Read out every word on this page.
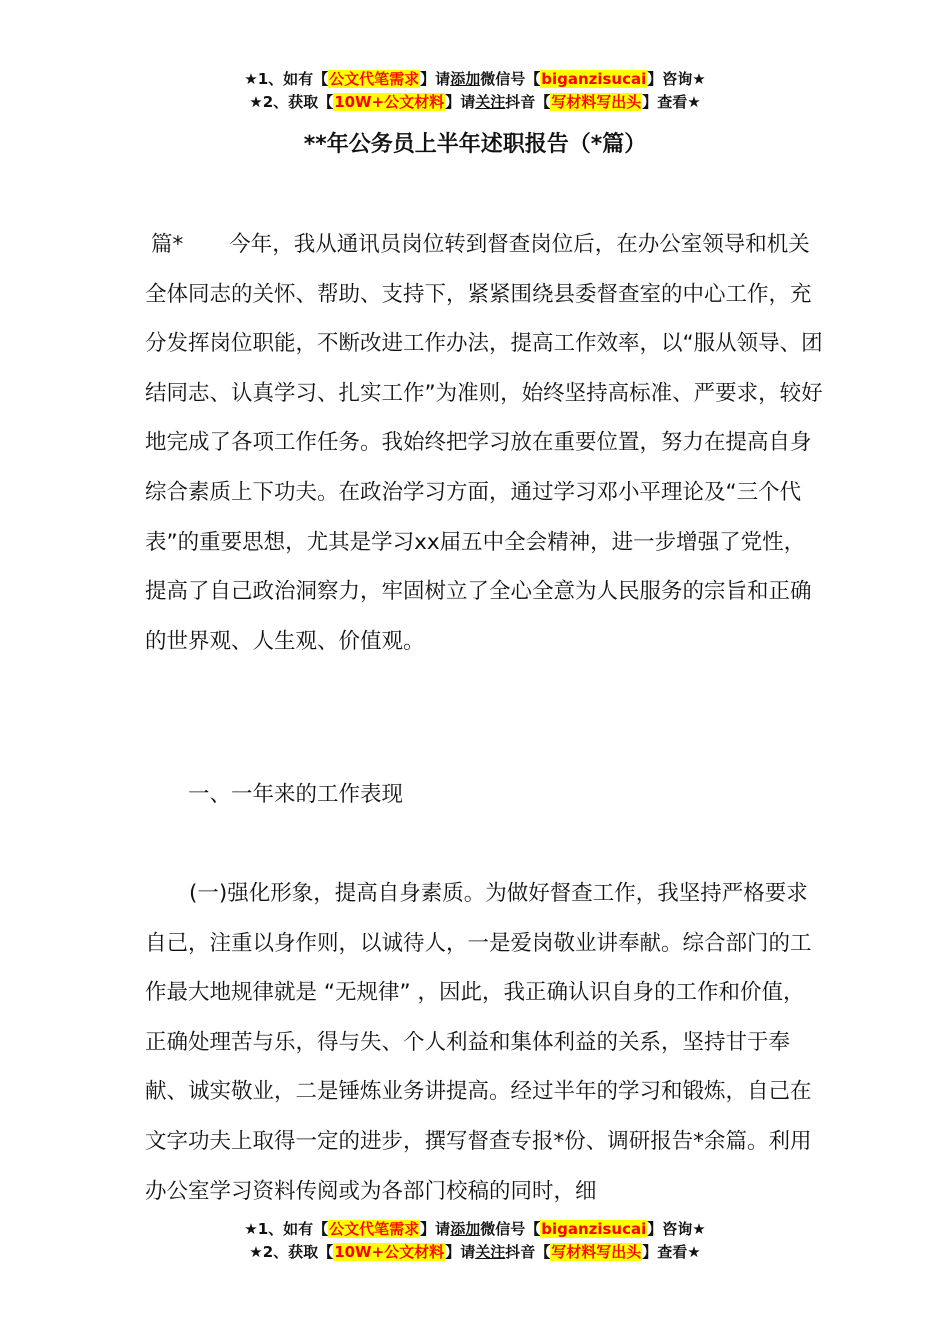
★1、如有【公文代笔需求】请添加微信号【biganzisucai】咨询★
★2、获取【10W+公文材料】请关注抖音【写材料写出头】查看★
**年公务员上半年述职报告（*篇）

篇* 今年，我从通讯员岗位转到督查岗位后，在办公室领导和机关全体同志的关怀、帮助、支持下，紧紧围绕县委督查室的中心工作，充分发挥岗位职能，不断改进工作办法，提高工作效率，以“服从领导、团结同志、认真学习、扎实工作”为准则，始终坚持高标准、严要求，较好地完成了各项工作任务。我始终把学习放在重要位置，努力在提高自身综合素质上下功夫。在政治学习方面，通过学习邓小平理论及“三个代表”的重要思想，尤其是学习xx届五中全会精神，进一步增强了党性，提高了自己政治洞察力，牢固树立了全心全意为人民服务的宗旨和正确的世界观、人生观、价值观。

一、一年来的工作表现

(一)强化形象，提高自身素质。为做好督查工作，我坚持严格要求自己，注重以身作则，以诚待人，一是爱岗敬业讲奉献。综合部门的工作最大地规律就是 “无规律” ，因此，我正确认识自身的工作和价值，正确处理苦与乐，得与失、个人利益和集体利益的关系，坚持甘于奉献、诚实敬业，二是锤炼业务讲提高。经过半年的学习和锻炼，自己在文字功夫上取得一定的进步，撰写督查专报*份、调研报告*余篇。利用办公室学习资料传阅或为各部门校稿的同时，细

★1、如有【公文代笔需求】请添加微信号【biganzisucai】咨询★
★2、获取【10W+公文材料】请关注抖音【写材料写出头】查看★
